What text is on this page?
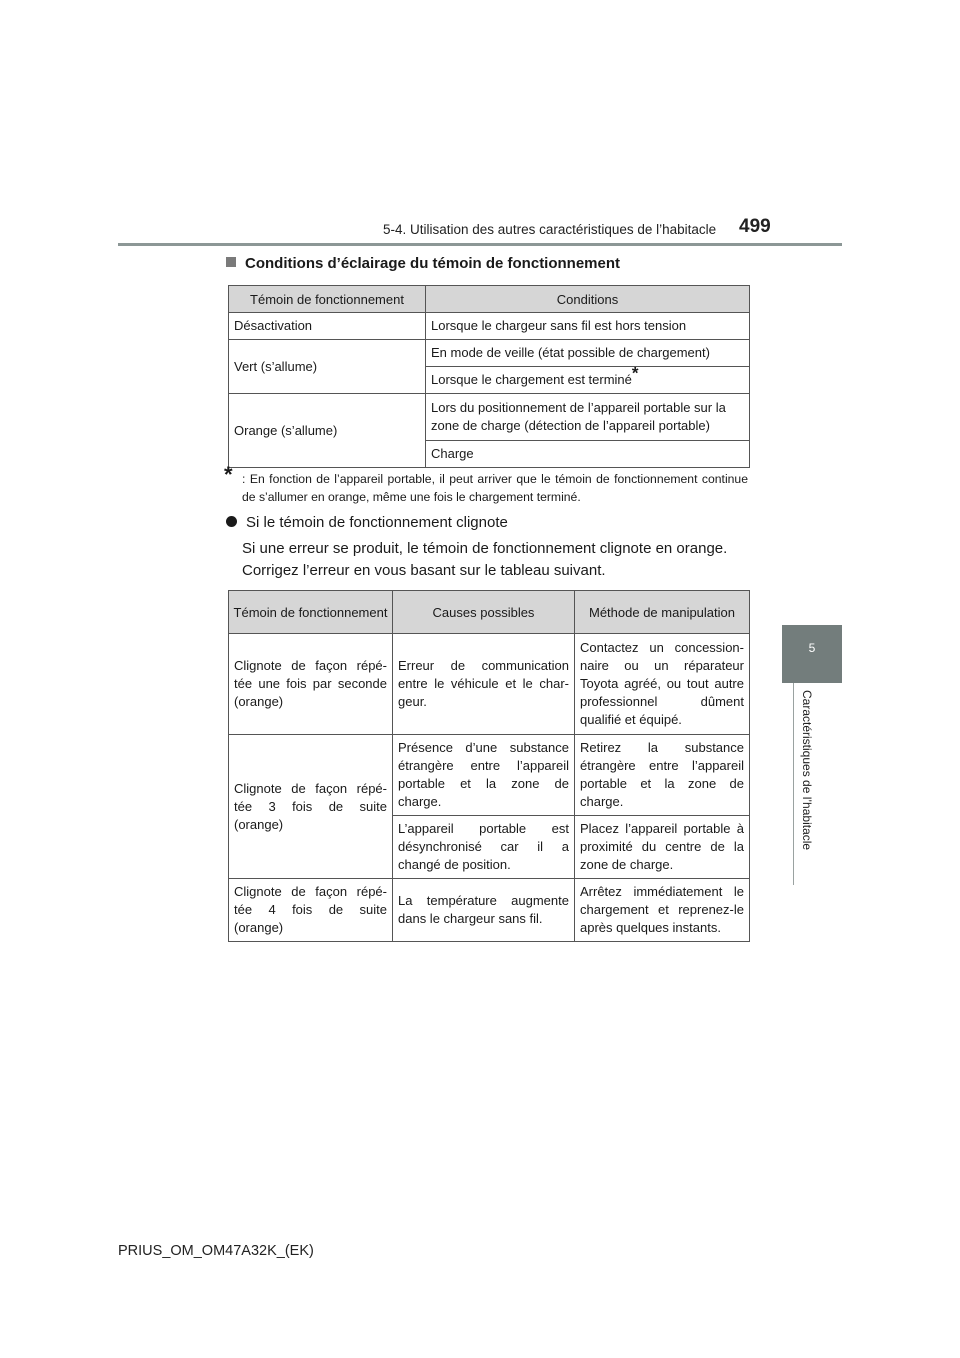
5-4. Utilisation des autres caractéristiques de l’habitacle 499
5
Caractéristiques de l’habitacle
Conditions d’éclairage du témoin de fonctionnement
Témoin de fonctionnement	Conditions
Désactivation	Lorsque le chargeur sans fil est hors tension
Vert (s’allume)	En mode de veille (état possible de chargement)
	Lorsque le chargement est terminé*
Orange (s’allume)	Lors du positionnement de l’appareil portable sur la zone de charge (détection de l’appareil portable)
	Charge
* : En fonction de l’appareil portable, il peut arriver que le témoin de fonctionnement continue de s’allumer en orange, même une fois le chargement terminé.
Si le témoin de fonctionnement clignote
Si une erreur se produit, le témoin de fonctionnement clignote en orange.
Corrigez l’erreur en vous basant sur le tableau suivant.
Témoin de fonctionnement	Causes possibles	Méthode de manipulation
Clignote de façon répé-tée une fois par seconde (orange)	Erreur de communication entre le véhicule et le char-geur.	Contactez un concession-naire ou un réparateur Toyota agréé, ou tout autre professionnel dûment qualifié et équipé.
Clignote de façon répé-tée 3 fois de suite (orange)	Présence d’une substance étrangère entre l’appareil portable et la zone de charge.	Retirez la substance étrangère entre l’appareil portable et la zone de charge.
	L’appareil portable est désynchronisé car il a changé de position.	Placez l’appareil portable à proximité du centre de la zone de charge.
Clignote de façon répé-tée 4 fois de suite (orange)	La température augmente dans le chargeur sans fil.	Arrêtez immédiatement le chargement et reprenez-le après quelques instants.
PRIUS_OM_OM47A32K_(EK)
